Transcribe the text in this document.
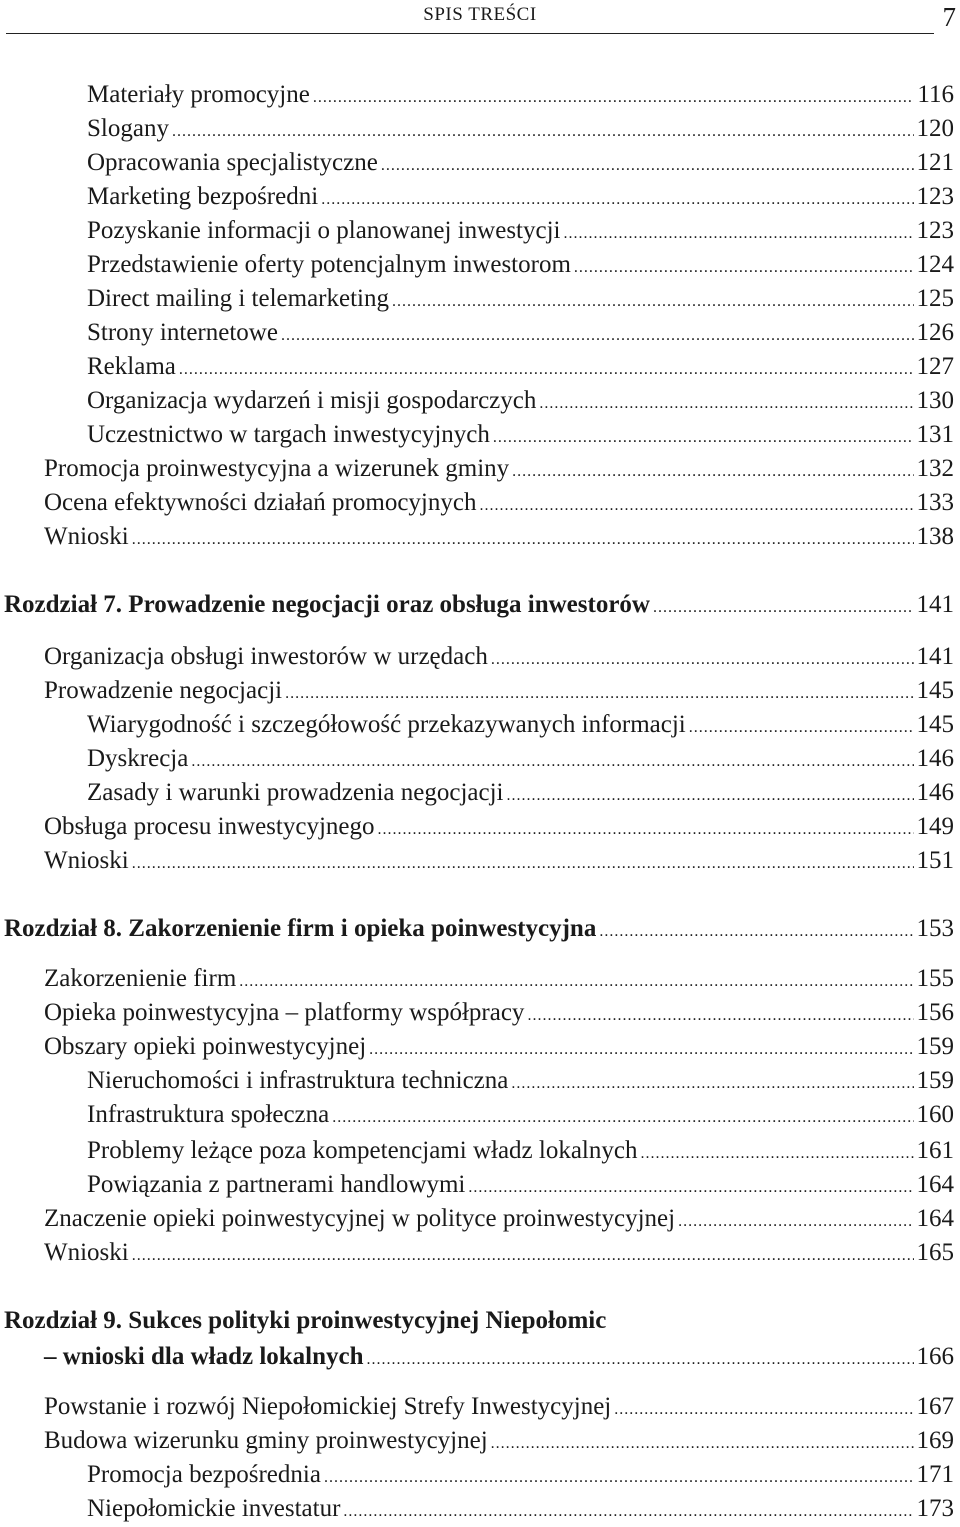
SPIS TREŚCI	7
Materiały promocyjne .....	116
Slogany .....	120
Opracowania specjalistyczne .....	121
Marketing bezpośredni .....	123
Pozyskanie informacji o planowanej inwestycji .....	123
Przedstawienie oferty potencjalnym inwestorom .....	124
Direct mailing i telemarketing .....	125
Strony internetowe .....	126
Reklama .....	127
Organizacja wydarzeń i misji gospodarczych .....	130
Uczestnictwo w targach inwestycyjnych .....	131
Promocja proinwestycyjna a wizerunek gminy .....	132
Ocena efektywności działań promocyjnych .....	133
Wnioski .....	138
Rozdział 7. Prowadzenie negocjacji oraz obsługa inwestorów .....	141
Organizacja obsługi inwestorów w urzędach .....	141
Prowadzenie negocjacji .....	145
Wiarygodność i szczegółowość przekazywanych informacji .....	145
Dyskrecja .....	146
Zasady i warunki prowadzenia negocjacji .....	146
Obsługa procesu inwestycyjnego .....	149
Wnioski .....	151
Rozdział 8. Zakorzenienie firm i opieka poinwestycyjna .....	153
Zakorzenienie firm .....	155
Opieka poinwestycyjna – platformy współpracy .....	156
Obszary opieki poinwestycyjnej .....	159
Nieruchomości i infrastruktura techniczna .....	159
Infrastruktura społeczna .....	160
Problemy leżące poza kompetencjami władz lokalnych .....	161
Powiązania z partnerami handlowymi .....	164
Znaczenie opieki poinwestycyjnej w polityce proinwestycyjnej .....	164
Wnioski .....	165
Rozdział 9. Sukces polityki proinwestycyjnej Niepołomic
– wnioski dla władz lokalnych .....	166
Powstanie i rozwój Niepołomickiej Strefy Inwestycyjnej .....	167
Budowa wizerunku gminy proinwestycyjnej .....	169
Promocja bezpośrednia .....	171
Niepołomickie investatur .....	173
